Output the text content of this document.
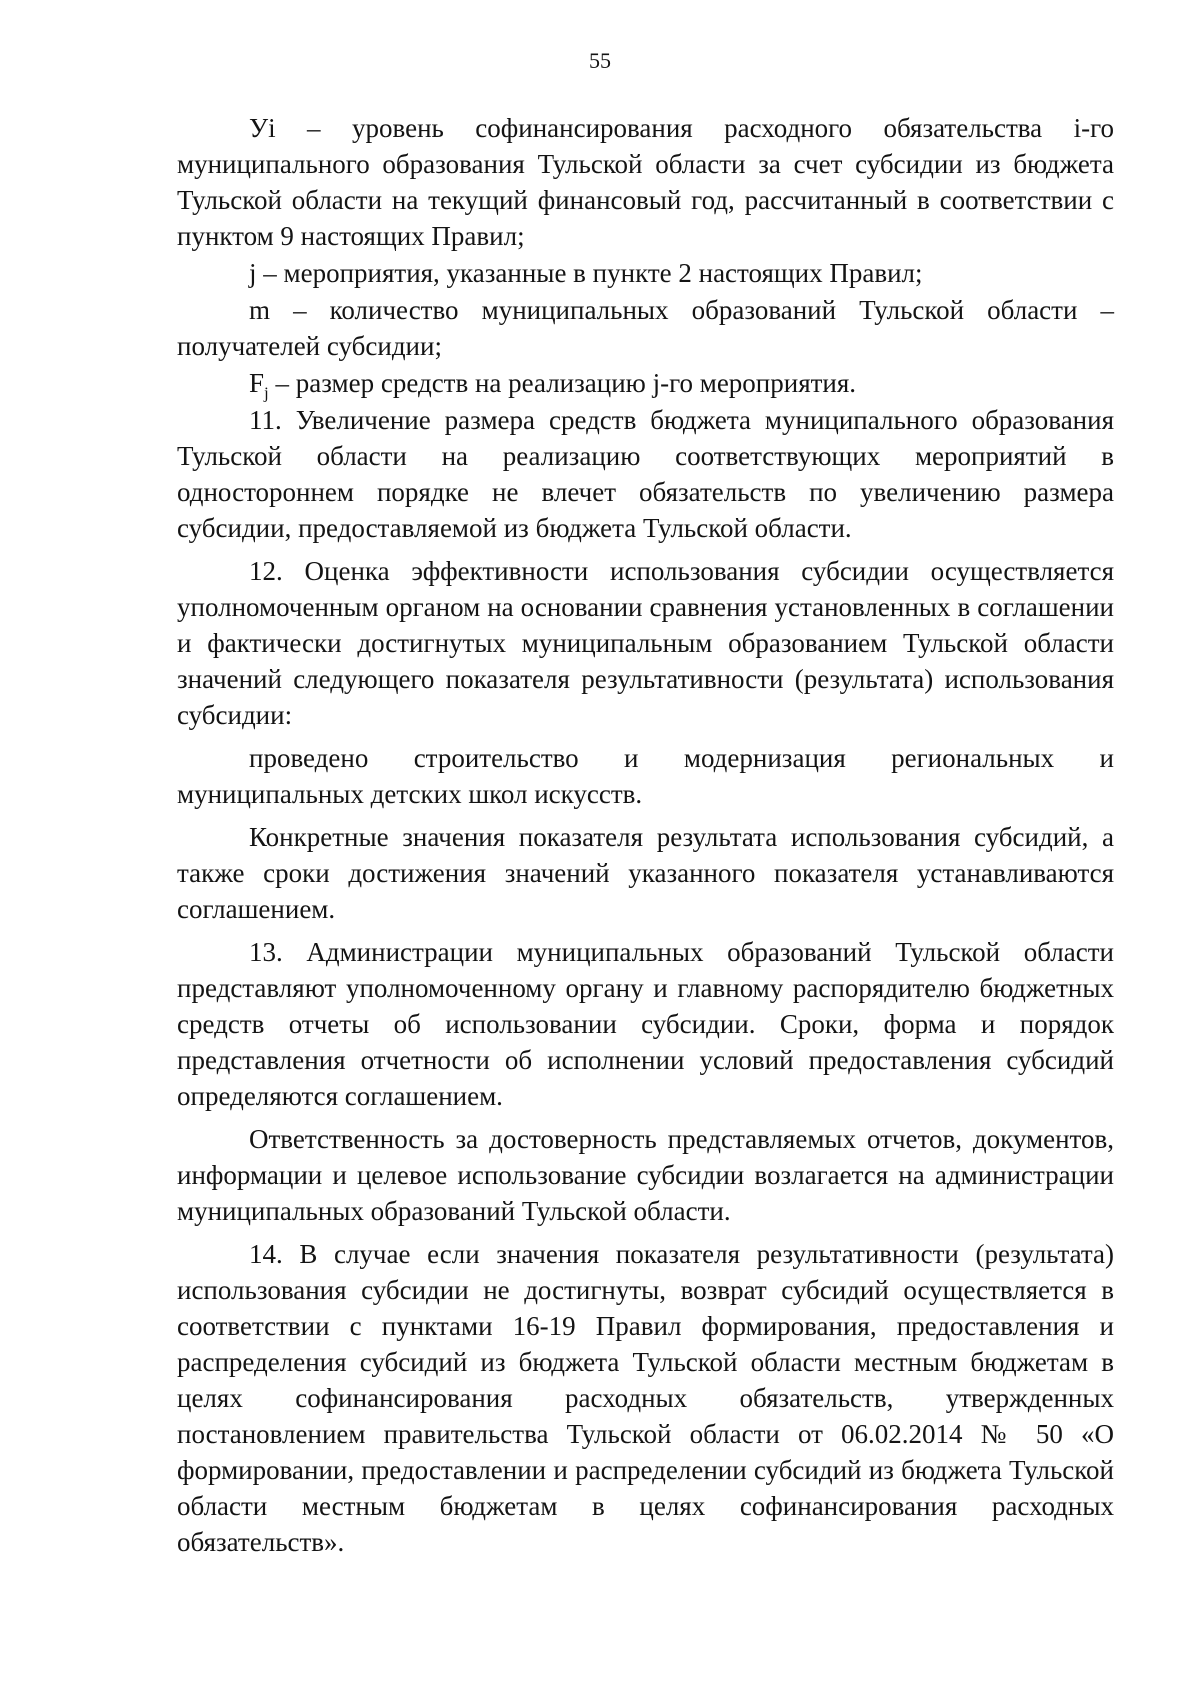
55

Уi – уровень софинансирования расходного обязательства i-го муниципального образования Тульской области за счет субсидии из бюджета Тульской области на текущий финансовый год, рассчитанный в соответствии с пунктом 9 настоящих Правил;

j – мероприятия, указанные в пункте 2 настоящих Правил;

m – количество муниципальных образований Тульской области – получателей субсидии;

$F_j$ – размер средств на реализацию j-го мероприятия.

11. Увеличение размера средств бюджета муниципального образования Тульской области на реализацию соответствующих мероприятий в одностороннем порядке не влечет обязательств по увеличению размера субсидии, предоставляемой из бюджета Тульской области.

12. Оценка эффективности использования субсидии осуществляется уполномоченным органом на основании сравнения установленных в соглашении и фактически достигнутых муниципальным образованием Тульской области значений следующего показателя результативности (результата) использования субсидии:

проведено строительство и модернизация региональных и муниципальных детских школ искусств.

Конкретные значения показателя результата использования субсидий, а также сроки достижения значений указанного показателя устанавливаются соглашением.

13. Администрации муниципальных образований Тульской области представляют уполномоченному органу и главному распорядителю бюджетных средств отчеты об использовании субсидии. Сроки, форма и порядок представления отчетности об исполнении условий предоставления субсидий определяются соглашением.

Ответственность за достоверность представляемых отчетов, документов, информации и целевое использование субсидии возлагается на администрации муниципальных образований Тульской области.

14. В случае если значения показателя результативности (результата) использования субсидии не достигнуты, возврат субсидий осуществляется в соответствии с пунктами 16-19 Правил формирования, предоставления и распределения субсидий из бюджета Тульской области местным бюджетам в целях софинансирования расходных обязательств, утвержденных постановлением правительства Тульской области от 06.02.2014 № 50 «О формировании, предоставлении и распределении субсидий из бюджета Тульской области местным бюджетам в целях софинансирования расходных обязательств».
